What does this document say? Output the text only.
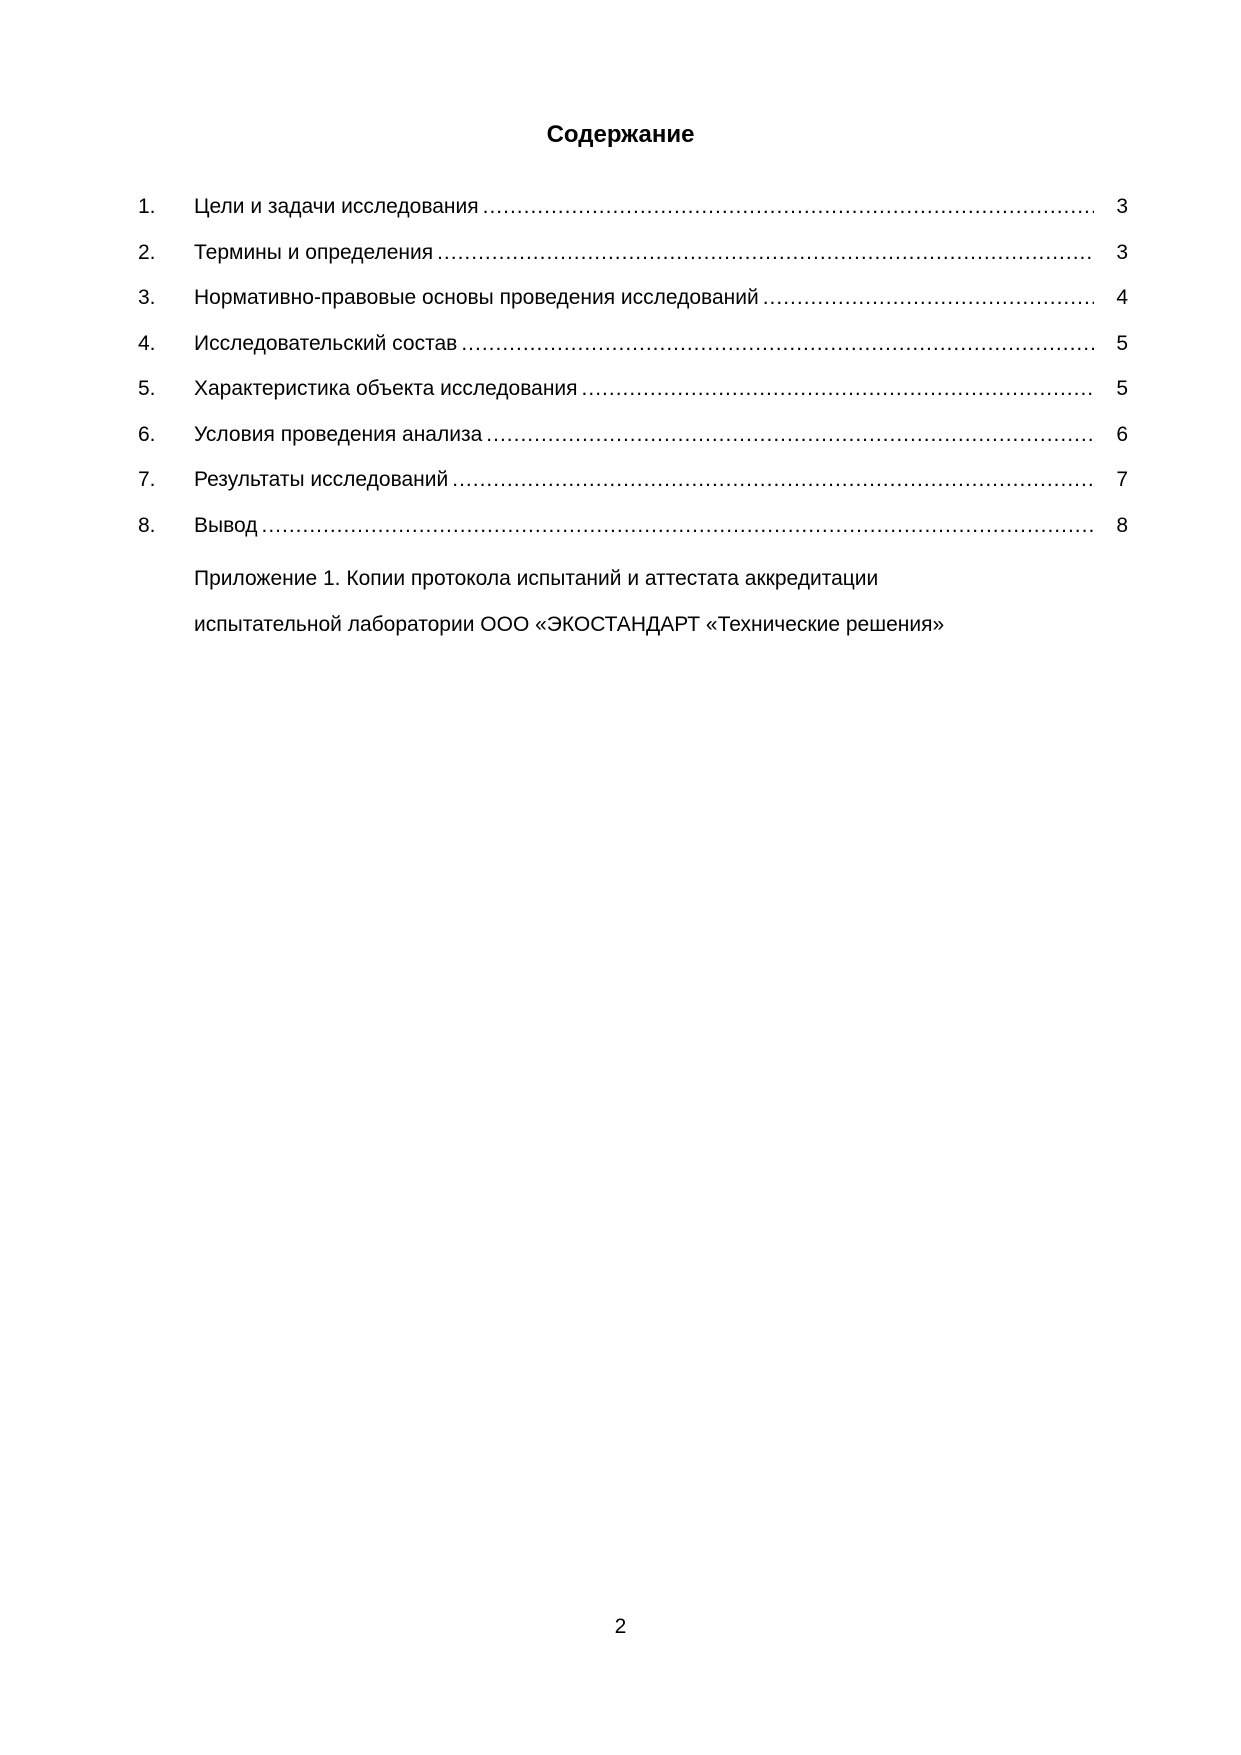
Содержание
1. Цели и задачи исследования .....	3
2. Термины и определения .....	3
3. Нормативно-правовые основы проведения исследований .....	4
4. Исследовательский состав .....	5
5. Характеристика объекта исследования .....	5
6. Условия проведения анализа .....	6
7. Результаты исследований .....	7
8. Вывод .....	8
Приложение 1. Копии протокола испытаний и аттестата аккредитации
испытательной лаборатории ООО «ЭКОСТАНДАРТ «Технические решения»
2
